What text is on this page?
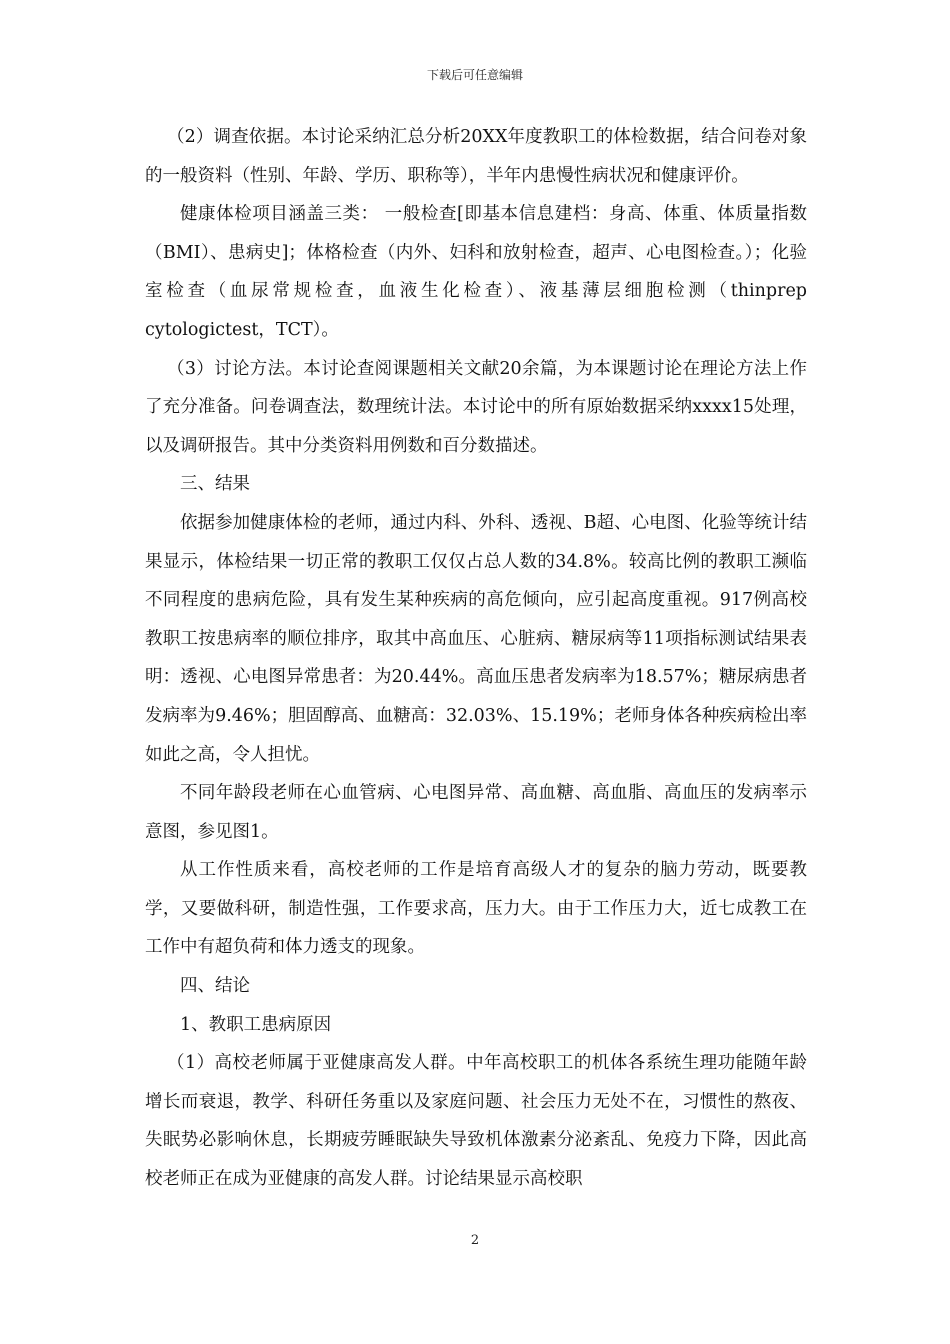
下载后可任意编辑

（2）调查依据。本讨论采纳汇总分析20XX年度教职工的体检数据，结合问卷对象的一般资料（性别、年龄、学历、职称等），半年内患慢性病状况和健康评价。

健康体检项目涵盖三类： 一般检查[即基本信息建档：身高、体重、体质量指数（BMI）、患病史]；体格检查（内外、妇科和放射检查，超声、心电图检查。）；化验室检查（血尿常规检查，血液生化检查）、液基薄层细胞检测（thinprep cytologictest，TCT）。

（3）讨论方法。本讨论查阅课题相关文献20余篇，为本课题讨论在理论方法上作了充分准备。问卷调查法，数理统计法。本讨论中的所有原始数据采纳xxxx15处理，以及调研报告。其中分类资料用例数和百分数描述。

三、结果

依据参加健康体检的老师，通过内科、外科、透视、B超、心电图、化验等统计结果显示，体检结果一切正常的教职工仅仅占总人数的34.8%。较高比例的教职工濒临不同程度的患病危险，具有发生某种疾病的高危倾向，应引起高度重视。917例高校教职工按患病率的顺位排序，取其中高血压、心脏病、糖尿病等11项指标测试结果表明：透视、心电图异常患者：为20.44%。高血压患者发病率为18.57%；糖尿病患者发病率为9.46%；胆固醇高、血糖高：32.03%、15.19%；老师身体各种疾病检出率如此之高，令人担忧。

不同年龄段老师在心血管病、心电图异常、高血糖、高血脂、高血压的发病率示意图，参见图1。

从工作性质来看，高校老师的工作是培育高级人才的复杂的脑力劳动，既要教学，又要做科研，制造性强，工作要求高，压力大。由于工作压力大，近七成教工在工作中有超负荷和体力透支的现象。

四、结论

1、教职工患病原因

（1）高校老师属于亚健康高发人群。中年高校职工的机体各系统生理功能随年龄增长而衰退，教学、科研任务重以及家庭问题、社会压力无处不在，习惯性的熬夜、失眠势必影响休息，长期疲劳睡眠缺失导致机体激素分泌紊乱、免疫力下降，因此高校老师正在成为亚健康的高发人群。讨论结果显示高校职

2
